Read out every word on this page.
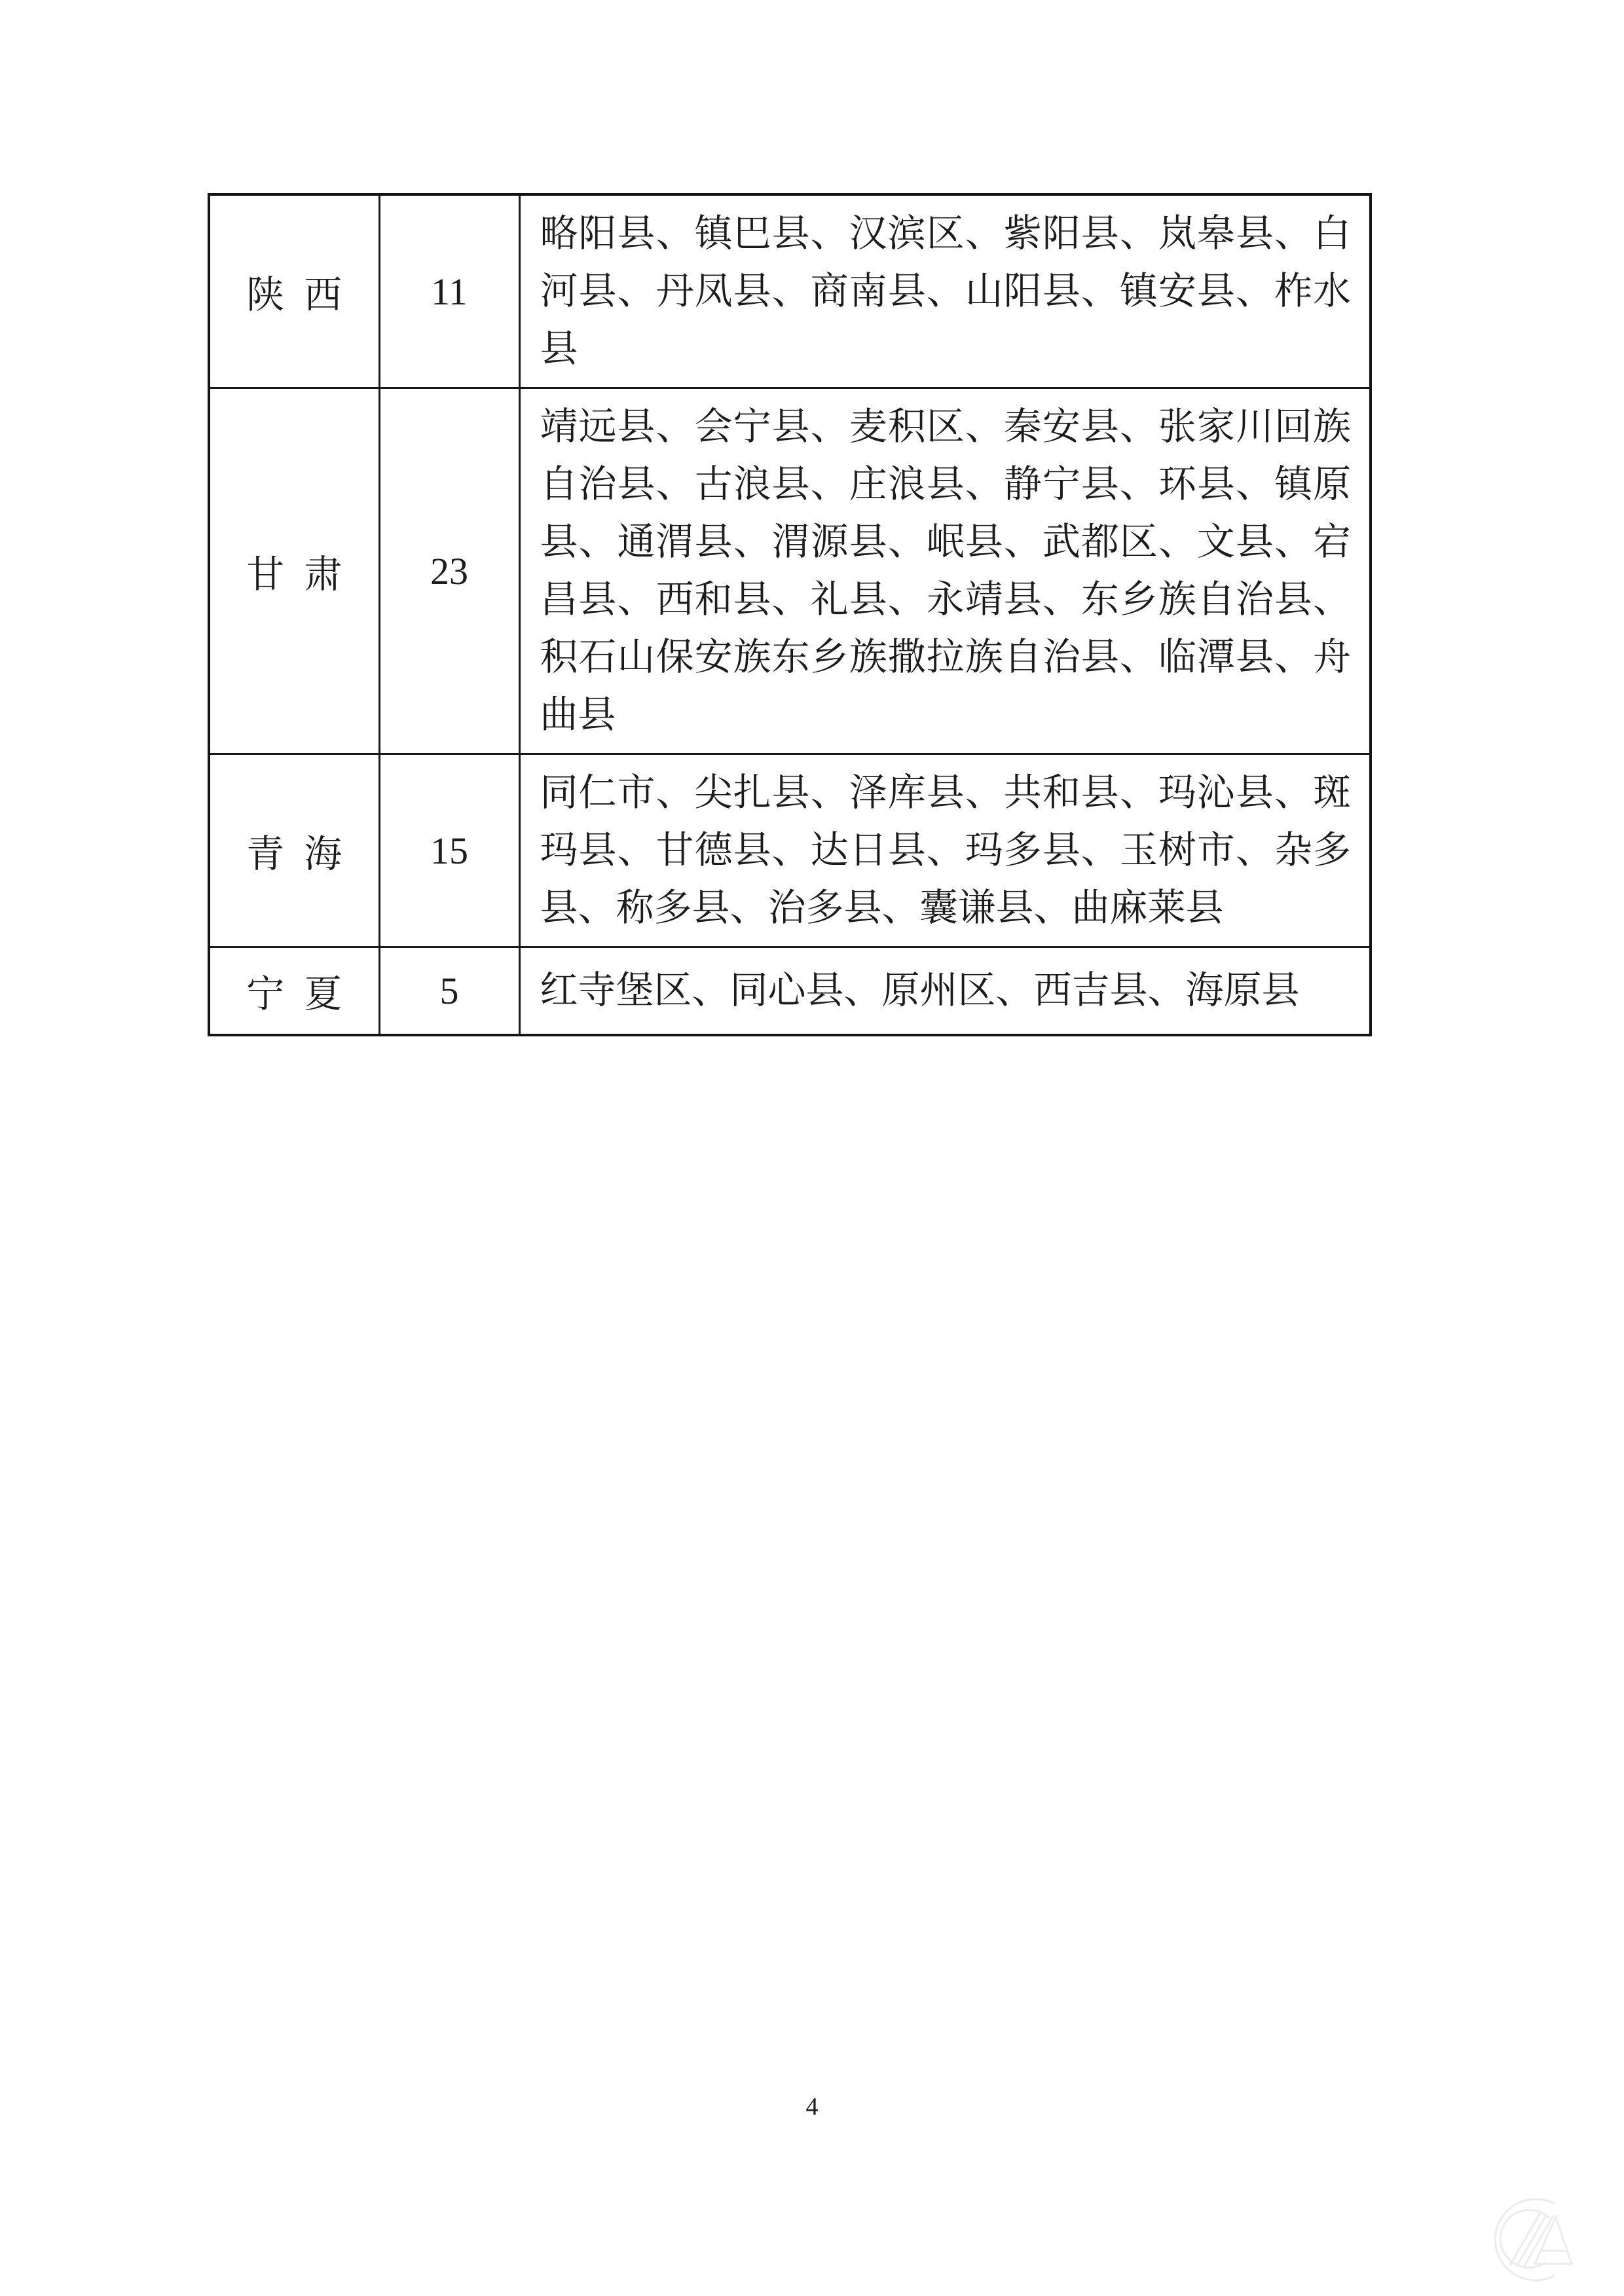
陕西	11	略阳县、镇巴县、汉滨区、紫阳县、岚皋县、白河县、丹凤县、商南县、山阳县、镇安县、柞水县
甘肃	23	靖远县、会宁县、麦积区、秦安县、张家川回族自治县、古浪县、庄浪县、静宁县、环县、镇原县、通渭县、渭源县、岷县、武都区、文县、宕昌县、西和县、礼县、永靖县、东乡族自治县、积石山保安族东乡族撒拉族自治县、临潭县、舟曲县
青海	15	同仁市、尖扎县、泽库县、共和县、玛沁县、斑玛县、甘德县、达日县、玛多县、玉树市、杂多县、称多县、治多县、囊谦县、曲麻莱县
宁夏	5	红寺堡区、同心县、原州区、西吉县、海原县
4
